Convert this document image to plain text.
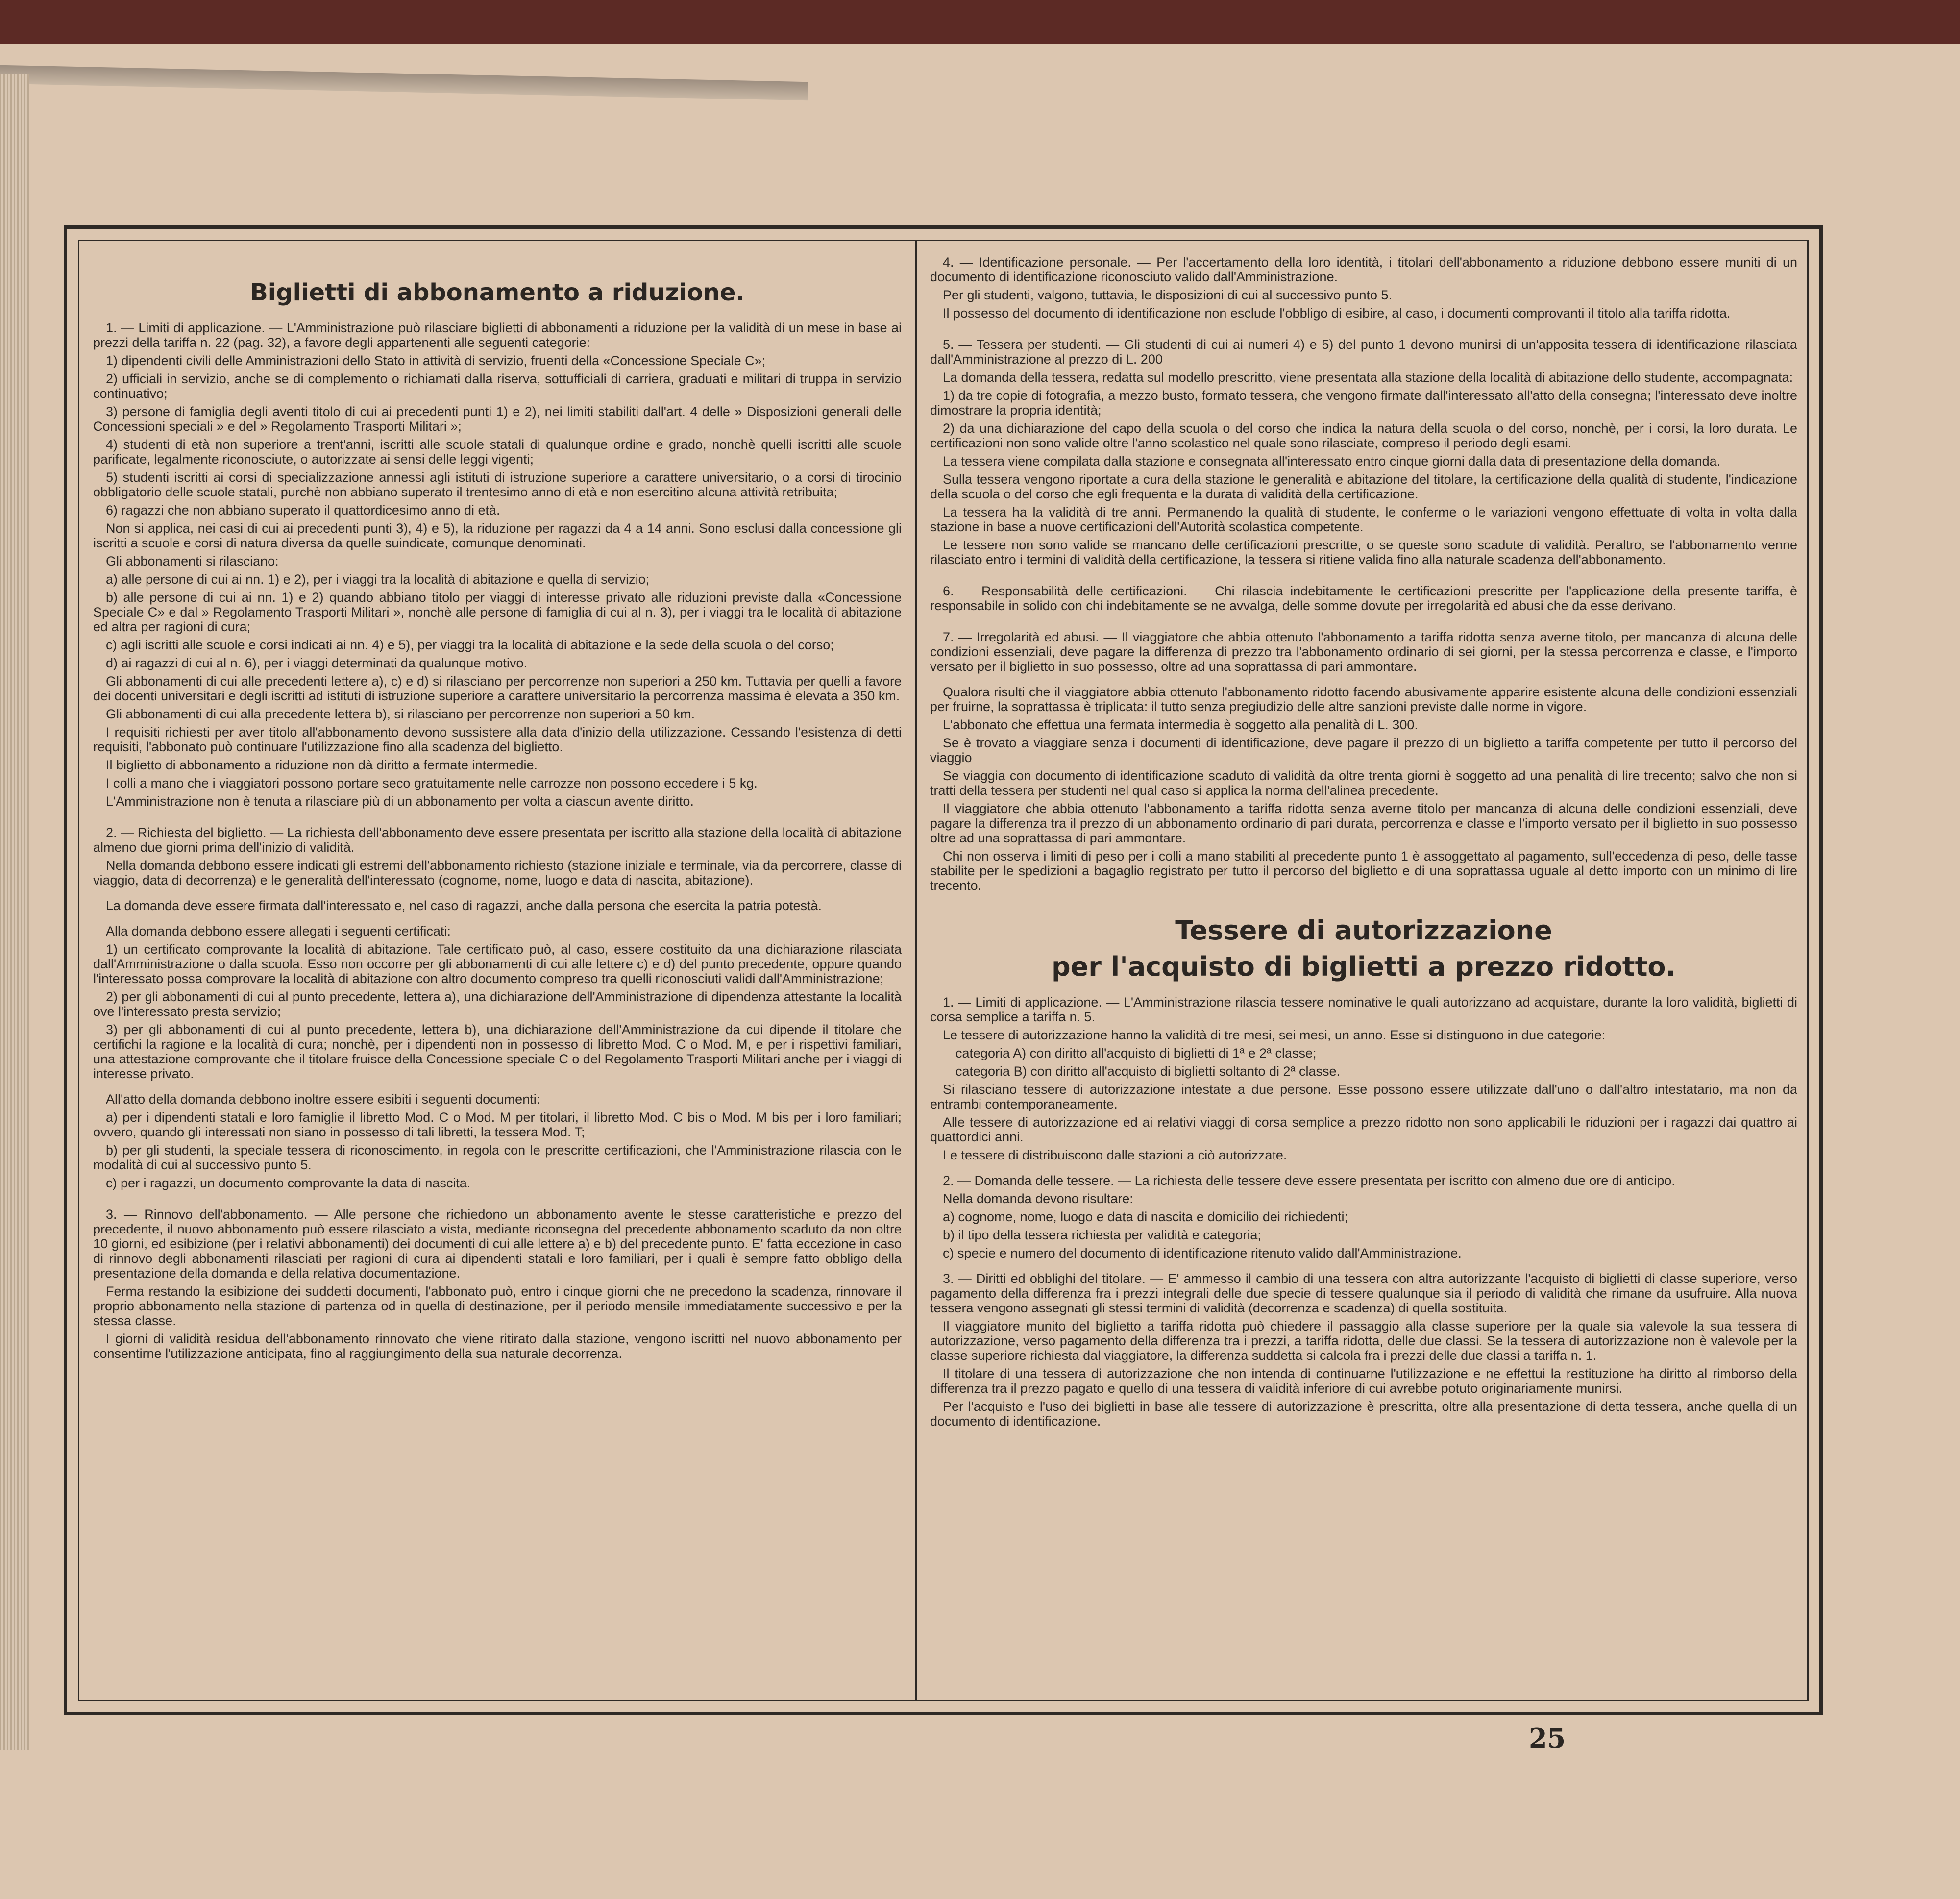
Biglietti di abbonamento a riduzione.

1. — Limiti di applicazione. — L'Amministrazione può rilasciare biglietti di abbonamenti a riduzione per la validità di un mese in base ai prezzi della tariffa n. 22 (pag. 32), a favore degli appartenenti alle seguenti categorie:

1) dipendenti civili delle Amministrazioni dello Stato in attività di servizio, fruenti della «Concessione Speciale C»;

2) ufficiali in servizio, anche se di complemento o richiamati dalla riserva, sottufficiali di carriera, graduati e militari di truppa in servizio continuativo;

3) persone di famiglia degli aventi titolo di cui ai precedenti punti 1) e 2), nei limiti stabiliti dall'art. 4 delle » Disposizioni generali delle Concessioni speciali » e del » Regolamento Trasporti Militari »;

4) studenti di età non superiore a trent'anni, iscritti alle scuole statali di qualunque ordine e grado, nonchè quelli iscritti alle scuole parificate, legalmente riconosciute, o autorizzate ai sensi delle leggi vigenti;

5) studenti iscritti ai corsi di specializzazione annessi agli istituti di istruzione superiore a carattere universitario, o a corsi di tirocinio obbligatorio delle scuole statali, purchè non abbiano superato il trentesimo anno di età e non esercitino alcuna attività retribuita;

6) ragazzi che non abbiano superato il quattordicesimo anno di età.

Non si applica, nei casi di cui ai precedenti punti 3), 4) e 5), la riduzione per ragazzi da 4 a 14 anni. Sono esclusi dalla concessione gli iscritti a scuole e corsi di natura diversa da quelle suindicate, comunque denominati.

Gli abbonamenti si rilasciano:

a) alle persone di cui ai nn. 1) e 2), per i viaggi tra la località di abitazione e quella di servizio;

b) alle persone di cui ai nn. 1) e 2) quando abbiano titolo per viaggi di interesse privato alle riduzioni previste dalla «Concessione Speciale C» e dal » Regolamento Trasporti Militari », nonchè alle persone di famiglia di cui al n. 3), per i viaggi tra le località di abitazione ed altra per ragioni di cura;

c) agli iscritti alle scuole e corsi indicati ai nn. 4) e 5), per viaggi tra la località di abitazione e la sede della scuola o del corso;

d) ai ragazzi di cui al n. 6), per i viaggi determinati da qualunque motivo.

Gli abbonamenti di cui alle precedenti lettere a), c) e d) si rilasciano per percorrenze non superiori a 250 km. Tuttavia per quelli a favore dei docenti universitari e degli iscritti ad istituti di istruzione superiore a carattere universitario la percorrenza massima è elevata a 350 km.

Gli abbonamenti di cui alla precedente lettera b), si rilasciano per percorrenze non superiori a 50 km.

I requisiti richiesti per aver titolo all'abbonamento devono sussistere alla data d'inizio della utilizzazione. Cessando l'esistenza di detti requisiti, l'abbonato può continuare l'utilizzazione fino alla scadenza del biglietto.

Il biglietto di abbonamento a riduzione non dà diritto a fermate intermedie.

I colli a mano che i viaggiatori possono portare seco gratuitamente nelle carrozze non possono eccedere i 5 kg.

L'Amministrazione non è tenuta a rilasciare più di un abbonamento per volta a ciascun avente diritto.

2. — Richiesta del biglietto. — La richiesta dell'abbonamento deve essere presentata per iscritto alla stazione della località di abitazione almeno due giorni prima dell'inizio di validità.

Nella domanda debbono essere indicati gli estremi dell'abbonamento richiesto (stazione iniziale e terminale, via da percorrere, classe di viaggio, data di decorrenza) e le generalità dell'interessato (cognome, nome, luogo e data di nascita, abitazione).

La domanda deve essere firmata dall'interessato e, nel caso di ragazzi, anche dalla persona che esercita la patria potestà.

Alla domanda debbono essere allegati i seguenti certificati:

1) un certificato comprovante la località di abitazione. Tale certificato può, al caso, essere costituito da una dichiarazione rilasciata dall'Amministrazione o dalla scuola. Esso non occorre per gli abbonamenti di cui alle lettere c) e d) del punto precedente, oppure quando l'interessato possa comprovare la località di abitazione con altro documento compreso tra quelli riconosciuti validi dall'Amministrazione;

2) per gli abbonamenti di cui al punto precedente, lettera a), una dichiarazione dell'Amministrazione di dipendenza attestante la località ove l'interessato presta servizio;

3) per gli abbonamenti di cui al punto precedente, lettera b), una dichiarazione dell'Amministrazione da cui dipende il titolare che certifichi la ragione e la località di cura; nonchè, per i dipendenti non in possesso di libretto Mod. C o Mod. M, e per i rispettivi familiari, una attestazione comprovante che il titolare fruisce della Concessione speciale C o del Regolamento Trasporti Militari anche per i viaggi di interesse privato.

All'atto della domanda debbono inoltre essere esibiti i seguenti documenti:

a) per i dipendenti statali e loro famiglie il libretto Mod. C o Mod. M per titolari, il libretto Mod. C bis o Mod. M bis per i loro familiari; ovvero, quando gli interessati non siano in possesso di tali libretti, la tessera Mod. T;

b) per gli studenti, la speciale tessera di riconoscimento, in regola con le prescritte certificazioni, che l'Amministrazione rilascia con le modalità di cui al successivo punto 5.

c) per i ragazzi, un documento comprovante la data di nascita.

3. — Rinnovo dell'abbonamento. — Alle persone che richiedono un abbonamento avente le stesse caratteristiche e prezzo del precedente, il nuovo abbonamento può essere rilasciato a vista, mediante riconsegna del precedente abbonamento scaduto da non oltre 10 giorni, ed esibizione (per i relativi abbonamenti) dei documenti di cui alle lettere a) e b) del precedente punto. E' fatta eccezione in caso di rinnovo degli abbonamenti rilasciati per ragioni di cura ai dipendenti statali e loro familiari, per i quali è sempre fatto obbligo della presentazione della domanda e della relativa documentazione.

Ferma restando la esibizione dei suddetti documenti, l'abbonato può, entro i cinque giorni che ne precedono la scadenza, rinnovare il proprio abbonamento nella stazione di partenza od in quella di destinazione, per il periodo mensile immediatamente successivo e per la stessa classe.

I giorni di validità residua dell'abbonamento rinnovato che viene ritirato dalla stazione, vengono iscritti nel nuovo abbonamento per consentirne l'utilizzazione anticipata, fino al raggiungimento della sua naturale decorrenza.

4. — Identificazione personale. — Per l'accertamento della loro identità, i titolari dell'abbonamento a riduzione debbono essere muniti di un documento di identificazione riconosciuto valido dall'Amministrazione.

Per gli studenti, valgono, tuttavia, le disposizioni di cui al successivo punto 5.

Il possesso del documento di identificazione non esclude l'obbligo di esibire, al caso, i documenti comprovanti il titolo alla tariffa ridotta.

5. — Tessera per studenti. — Gli studenti di cui ai numeri 4) e 5) del punto 1 devono munirsi di un'apposita tessera di identificazione rilasciata dall'Amministrazione al prezzo di L. 200

La domanda della tessera, redatta sul modello prescritto, viene presentata alla stazione della località di abitazione dello studente, accompagnata:

1) da tre copie di fotografia, a mezzo busto, formato tessera, che vengono firmate dall'interessato all'atto della consegna; l'interessato deve inoltre dimostrare la propria identità;

2) da una dichiarazione del capo della scuola o del corso che indica la natura della scuola o del corso, nonchè, per i corsi, la loro durata. Le certificazioni non sono valide oltre l'anno scolastico nel quale sono rilasciate, compreso il periodo degli esami.

La tessera viene compilata dalla stazione e consegnata all'interessato entro cinque giorni dalla data di presentazione della domanda.

Sulla tessera vengono riportate a cura della stazione le generalità e abitazione del titolare, la certificazione della qualità di studente, l'indicazione della scuola o del corso che egli frequenta e la durata di validità della certificazione.

La tessera ha la validità di tre anni. Permanendo la qualità di studente, le conferme o le variazioni vengono effettuate di volta in volta dalla stazione in base a nuove certificazioni dell'Autorità scolastica competente.

Le tessere non sono valide se mancano delle certificazioni prescritte, o se queste sono scadute di validità. Peraltro, se l'abbonamento venne rilasciato entro i termini di validità della certificazione, la tessera si ritiene valida fino alla naturale scadenza dell'abbonamento.

6. — Responsabilità delle certificazioni. — Chi rilascia indebitamente le certificazioni prescritte per l'applicazione della presente tariffa, è responsabile in solido con chi indebitamente se ne avvalga, delle somme dovute per irregolarità ed abusi che da esse derivano.

7. — Irregolarità ed abusi. — Il viaggiatore che abbia ottenuto l'abbonamento a tariffa ridotta senza averne titolo, per mancanza di alcuna delle condizioni essenziali, deve pagare la differenza di prezzo tra l'abbonamento ordinario di sei giorni, per la stessa percorrenza e classe, e l'importo versato per il biglietto in suo possesso, oltre ad una soprattassa di pari ammontare.

Qualora risulti che il viaggiatore abbia ottenuto l'abbonamento ridotto facendo abusivamente apparire esistente alcuna delle condizioni essenziali per fruirne, la soprattassa è triplicata: il tutto senza pregiudizio delle altre sanzioni previste dalle norme in vigore.

L'abbonato che effettua una fermata intermedia è soggetto alla penalità di L. 300.

Se è trovato a viaggiare senza i documenti di identificazione, deve pagare il prezzo di un biglietto a tariffa competente per tutto il percorso del viaggio

Se viaggia con documento di identificazione scaduto di validità da oltre trenta giorni è soggetto ad una penalità di lire trecento; salvo che non si tratti della tessera per studenti nel qual caso si applica la norma dell'alinea precedente.

Il viaggiatore che abbia ottenuto l'abbonamento a tariffa ridotta senza averne titolo per mancanza di alcuna delle condizioni essenziali, deve pagare la differenza tra il prezzo di un abbonamento ordinario di pari durata, percorrenza e classe e l'importo versato per il biglietto in suo possesso oltre ad una soprattassa di pari ammontare.

Chi non osserva i limiti di peso per i colli a mano stabiliti al precedente punto 1 è assoggettato al pagamento, sull'eccedenza di peso, delle tasse stabilite per le spedizioni a bagaglio registrato per tutto il percorso del biglietto e di una soprattassa uguale al detto importo con un minimo di lire trecento.

Tessere di autorizzazione
per l'acquisto di biglietti a prezzo ridotto.

1. — Limiti di applicazione. — L'Amministrazione rilascia tessere nominative le quali autorizzano ad acquistare, durante la loro validità, biglietti di corsa semplice a tariffa n. 5.

Le tessere di autorizzazione hanno la validità di tre mesi, sei mesi, un anno. Esse si distinguono in due categorie:

categoria A) con diritto all'acquisto di biglietti di 1ª e 2ª classe;

categoria B) con diritto all'acquisto di biglietti soltanto di 2ª classe.

Si rilasciano tessere di autorizzazione intestate a due persone. Esse possono essere utilizzate dall'uno o dall'altro intestatario, ma non da entrambi contemporaneamente.

Alle tessere di autorizzazione ed ai relativi viaggi di corsa semplice a prezzo ridotto non sono applicabili le riduzioni per i ragazzi dai quattro ai quattordici anni.

Le tessere di distribuiscono dalle stazioni a ciò autorizzate.

2. — Domanda delle tessere. — La richiesta delle tessere deve essere presentata per iscritto con almeno due ore di anticipo.

Nella domanda devono risultare:

a) cognome, nome, luogo e data di nascita e domicilio dei richiedenti;

b) il tipo della tessera richiesta per validità e categoria;

c) specie e numero del documento di identificazione ritenuto valido dall'Amministrazione.

3. — Diritti ed obblighi del titolare. — E' ammesso il cambio di una tessera con altra autorizzante l'acquisto di biglietti di classe superiore, verso pagamento della differenza fra i prezzi integrali delle due specie di tessere qualunque sia il periodo di validità che rimane da usufruire. Alla nuova tessera vengono assegnati gli stessi termini di validità (decorrenza e scadenza) di quella sostituita.

Il viaggiatore munito del biglietto a tariffa ridotta può chiedere il passaggio alla classe superiore per la quale sia valevole la sua tessera di autorizzazione, verso pagamento della differenza tra i prezzi, a tariffa ridotta, delle due classi. Se la tessera di autorizzazione non è valevole per la classe superiore richiesta dal viaggiatore, la differenza suddetta si calcola fra i prezzi delle due classi a tariffa n. 1.

Il titolare di una tessera di autorizzazione che non intenda di continuarne l'utilizzazione e ne effettui la restituzione ha diritto al rimborso della differenza tra il prezzo pagato e quello di una tessera di validità inferiore di cui avrebbe potuto originariamente munirsi.

Per l'acquisto e l'uso dei biglietti in base alle tessere di autorizzazione è prescritta, oltre alla presentazione di detta tessera, anche quella di un documento di identificazione.

25
